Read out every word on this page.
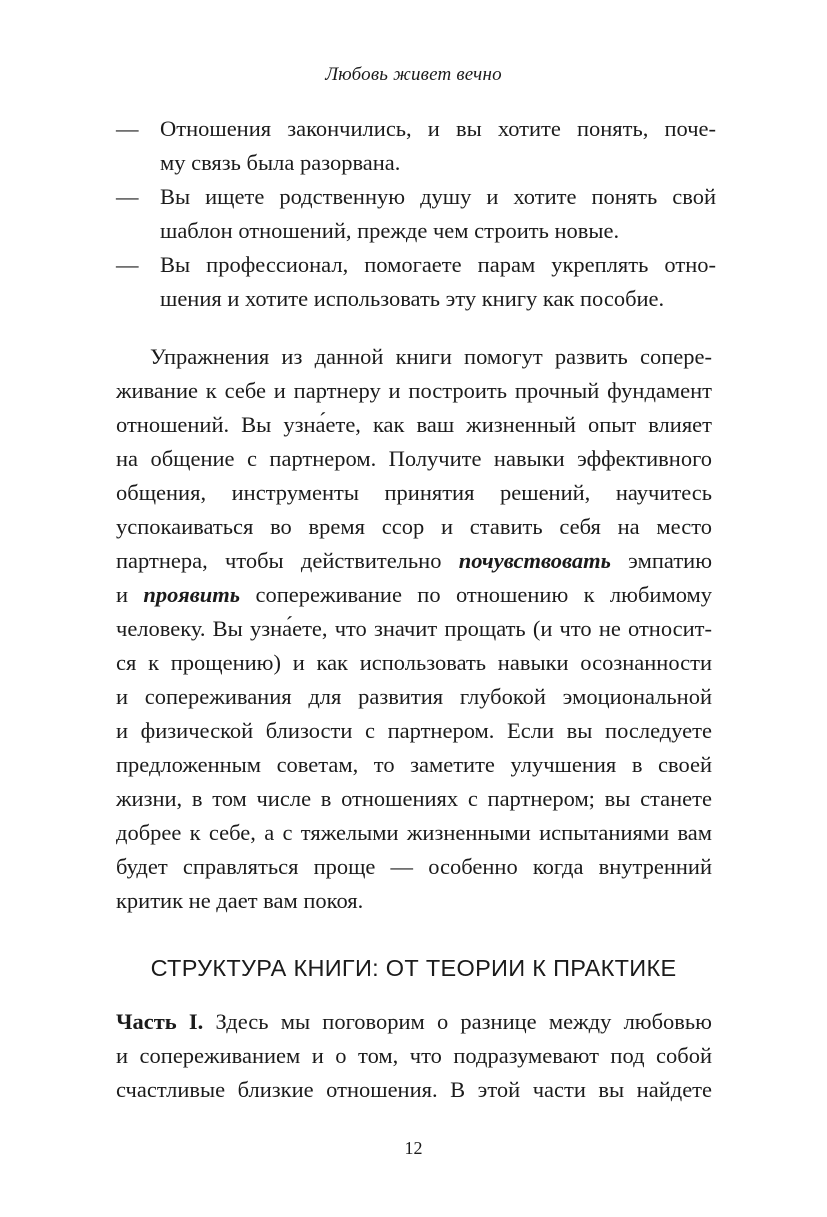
Любовь живет вечно
— Отношения закончились, и вы хотите понять, поче-
му связь была разорвана.
— Вы ищете родственную душу и хотите понять свой
шаблон отношений, прежде чем строить новые.
— Вы профессионал, помогаете парам укреплять отно-
шения и хотите использовать эту книгу как пособие.
Упражнения из данной книги помогут развить сопере-
живание к себе и партнеру и построить прочный фундамент
отношений. Вы узна́ете, как ваш жизненный опыт влияет
на общение с партнером. Получите навыки эффективного
общения, инструменты принятия решений, научитесь
успокаиваться во время ссор и ставить себя на место
партнера, чтобы действительно почувствовать эмпатию
и проявить сопереживание по отношению к любимому
человеку. Вы узна́ете, что значит прощать (и что не относит-
ся к прощению) и как использовать навыки осознанности
и сопереживания для развития глубокой эмоциональной
и физической близости с партнером. Если вы последуете
предложенным советам, то заметите улучшения в своей
жизни, в том числе в отношениях с партнером; вы станете
добрее к себе, а с тяжелыми жизненными испытаниями вам
будет справляться проще — особенно когда внутренний
критик не дает вам покоя.
СТРУКТУРА КНИГИ: ОТ ТЕОРИИ К ПРАКТИКЕ
Часть I. Здесь мы поговорим о разнице между любовью
и сопереживанием и о том, что подразумевают под собой
счастливые близкие отношения. В этой части вы найдете
12
